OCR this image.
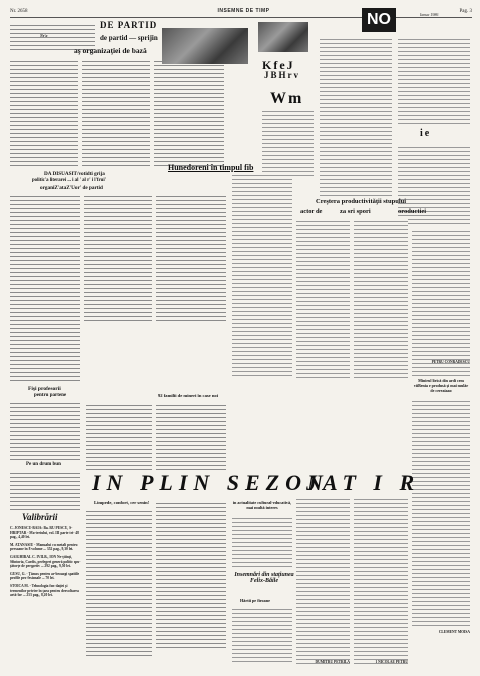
Nr. 2658	INSEMNE DE TIMP	Pag. 3
DE PARTID
Ne'a	de partid — sprijin
aş organizaţiei de bază
DA DISUASIT/votidti grija
politic'a literarei ... i al ' al r' i l'frui'
organiZ'ataZ'Uor' de partid
Hunedoreni în timpul fib
KfeJ
JBHrv
Wm
NO	Ianua 1986
ie
Creştera productivităţii stupului
actor de	za sri spori	oroductiei
Minirul lirică din ardi cem viiBenia e produsă și mai mulăr de cereaiaao
PETRU CONRADESCU
CLEMENT MOISA
Fişi profesorii
pentru partene
Pe un drum bun
Valibrării
C. JONESCU-BAIA: Ba. RU PESCU, S-HRIPTAR - Ma-teriului, vol. III parte tri- 48 pag., 4,40 lei.
M. ATANASIU - Manualui cu metali pentru persoane în 8 volume ... 352 pag., 9,30 lei.
GAIGHIRAL C. IVILB., ION Ne-ţtiinţi, Sfintoria, Cardis, prelegeri generă politic spu-ţătorţe de perşpetiv ... 292 pag., 9,50 lei.
GUSU, G. - Ţămos pentru ar-beoaogi spatiile profile pro-fesionale ... 70 lei.
STOICA M. - Tehnologia fon-daţiei şi termenilor privire în ţara pentru dezvoltarea artă-lor ... 253 pag., 8,20 lei.
92 familii de mineri în case noi
IN PLIN SEZON
JAT I R
Limpede, confort, cer senin!	in actualitate cultural-educativă, mai multă interes
Insemnări din staţiunea Felix-Băile
Hârtii pe firoane
DUMITRU PETRILA	1 NICOLAE PETRU
